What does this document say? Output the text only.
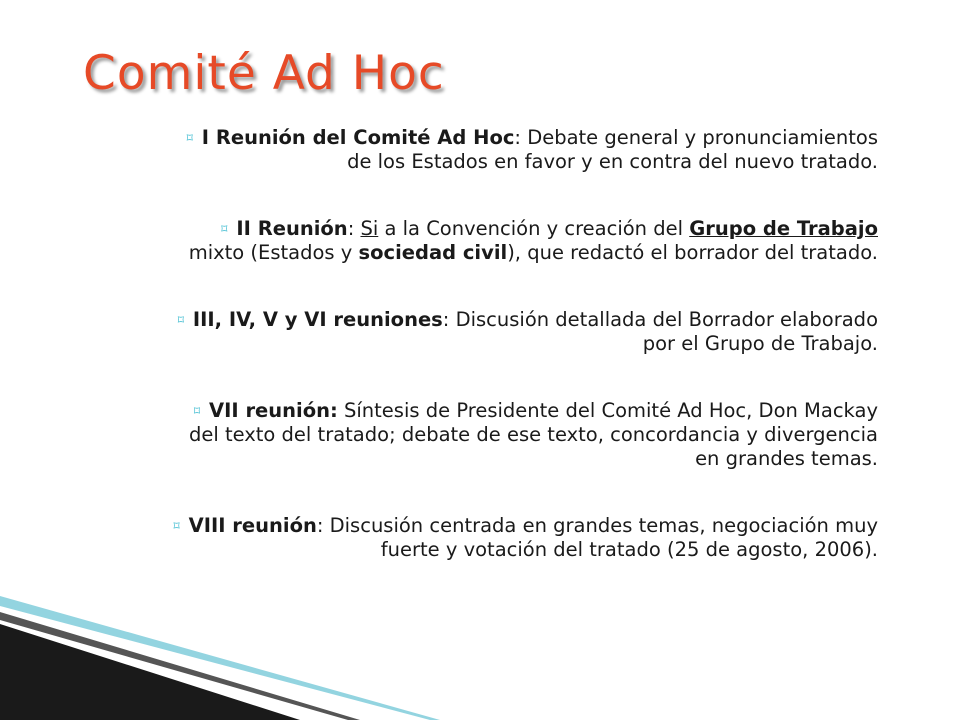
Comité Ad Hoc

⌑ I Reunión del Comité Ad Hoc: Debate general y pronunciamientos de los Estados en favor y en contra del nuevo tratado.

⌑ II Reunión: Si a la Convención y creación del Grupo de Trabajo mixto (Estados y sociedad civil), que redactó el borrador del tratado.

⌑ III, IV, V y VI reuniones: Discusión detallada del Borrador elaborado por el Grupo de Trabajo.

⌑ VII reunión: Síntesis de Presidente del Comité Ad Hoc, Don Mackay del texto del tratado; debate de ese texto, concordancia y divergencia en grandes temas.

⌑ VIII reunión: Discusión centrada en grandes temas, negociación muy fuerte y votación del tratado (25 de agosto, 2006).
